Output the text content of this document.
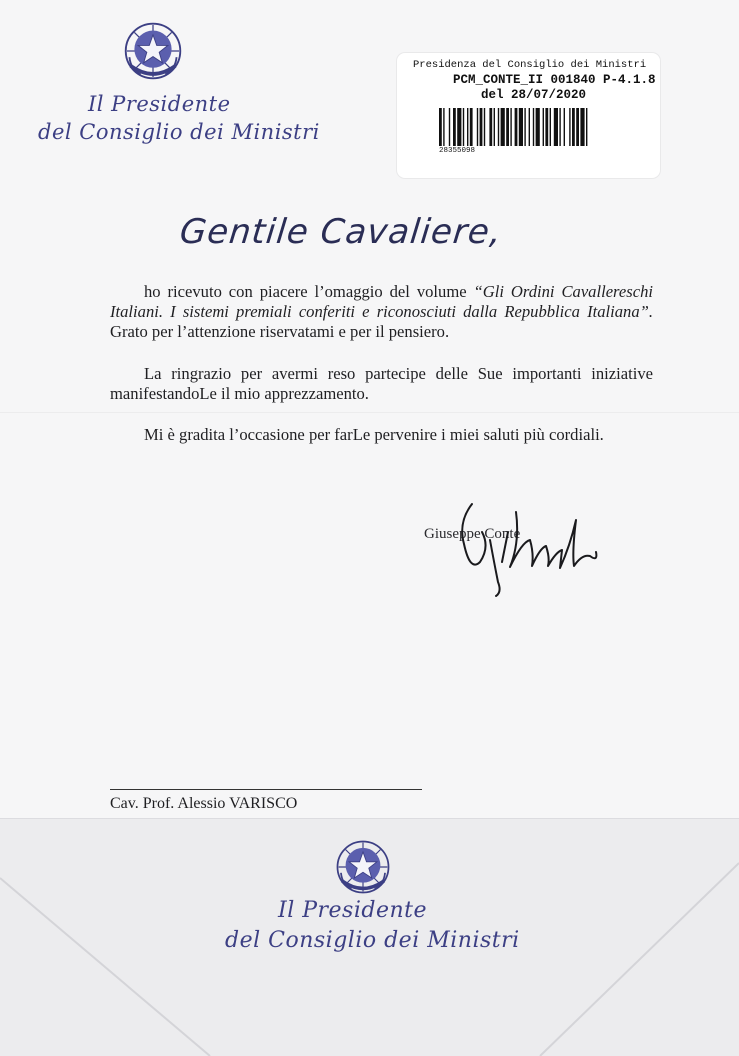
Il Presidente
del Consiglio dei Ministri
Presidenza del Consiglio dei Ministri
PCM_CONTE_II 001840 P-4.1.8
del 28/07/2020
28355098
Gentile Cavaliere,
ho ricevuto con piacere l’omaggio del volume “Gli Ordini Cavallereschi Italiani. I sistemi premiali conferiti e riconosciuti dalla Repubblica Italiana”. Grato per l’attenzione riservatami e per il pensiero.
La ringrazio per avermi reso partecipe delle Sue importanti iniziative manifestandoLe il mio apprezzamento.
Mi è gradita l’occasione per farLe pervenire i miei saluti più cordiali.
Giuseppe Conte
Cav. Prof. Alessio VARISCO
Il Presidente
del Consiglio dei Ministri
